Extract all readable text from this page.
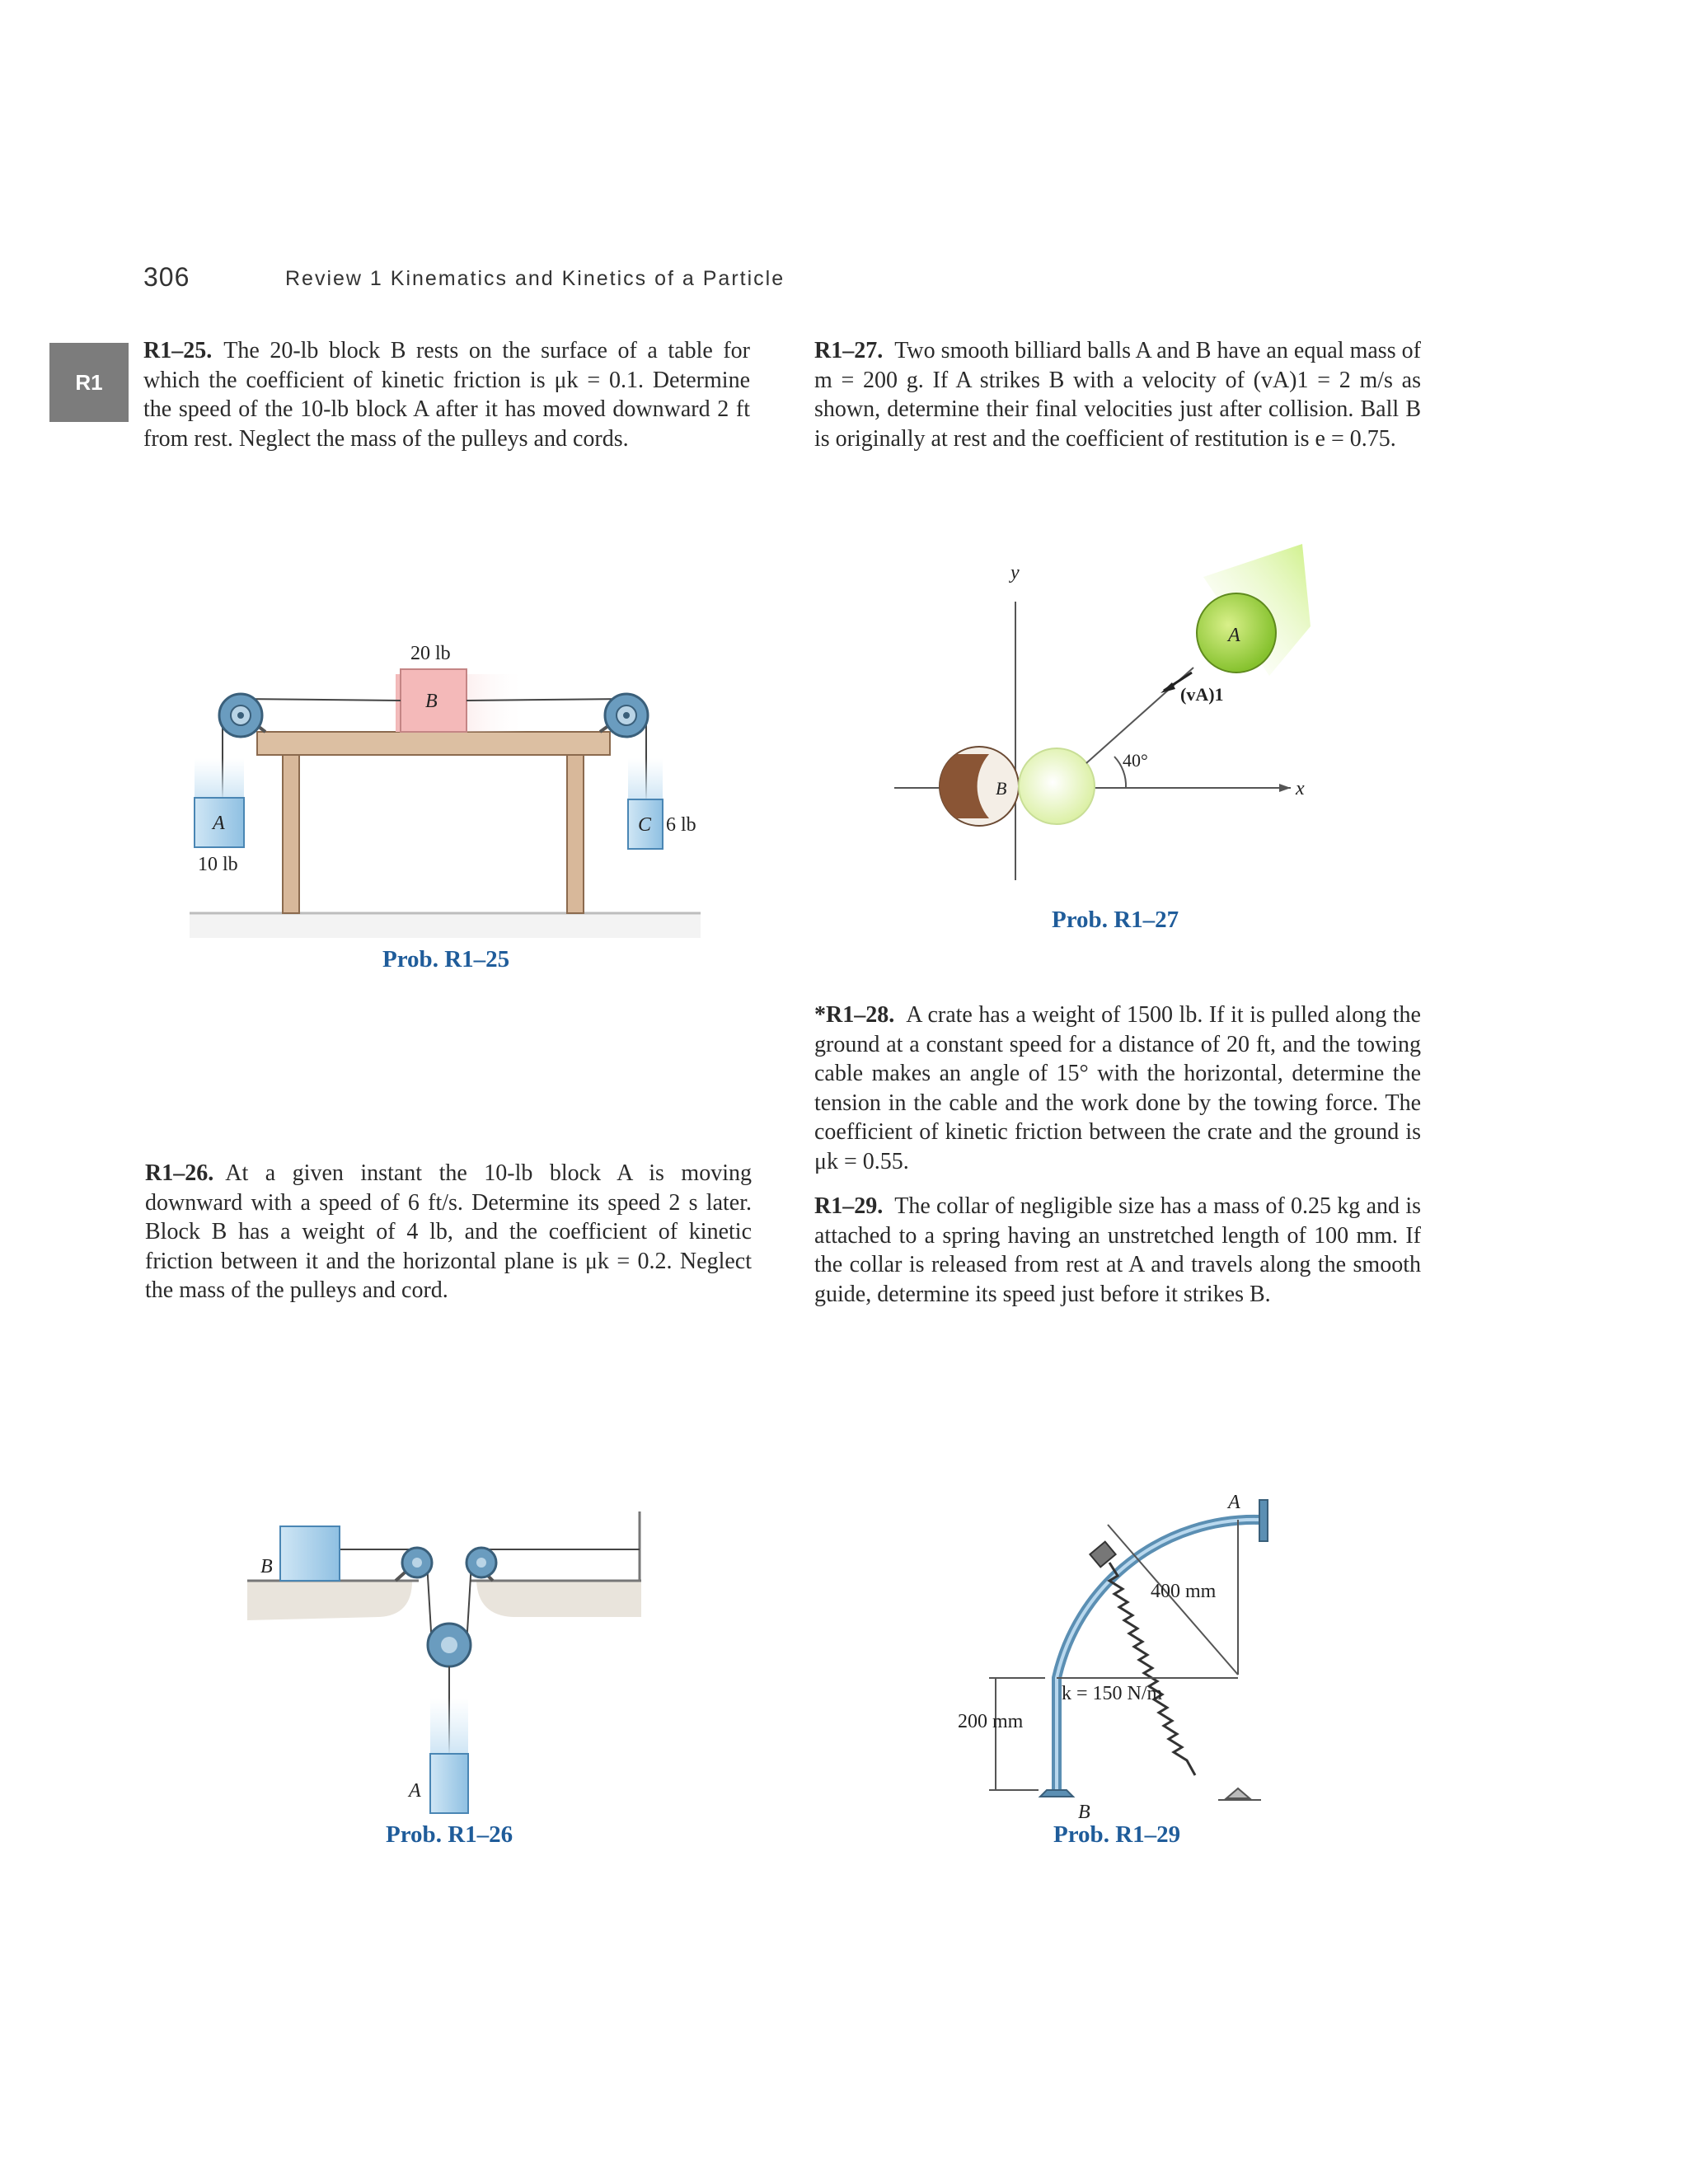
306	Review 1 Kinematics and Kinetics of a Particle
R1
R1–25. The 20-lb block B rests on the surface of a table for which the coefficient of kinetic friction is μk = 0.1. Determine the speed of the 10-lb block A after it has moved downward 2 ft from rest. Neglect the mass of the pulleys and cords.
R1–27. Two smooth billiard balls A and B have an equal mass of m = 200 g. If A strikes B with a velocity of (vA)1 = 2 m/s as shown, determine their final velocities just after collision. Ball B is originally at rest and the coefficient of restitution is e = 0.75.
*R1–28. A crate has a weight of 1500 lb. If it is pulled along the ground at a constant speed for a distance of 20 ft, and the towing cable makes an angle of 15° with the horizontal, determine the tension in the cable and the work done by the towing force. The coefficient of kinetic friction between the crate and the ground is μk = 0.55.
R1–29. The collar of negligible size has a mass of 0.25 kg and is attached to a spring having an unstretched length of 100 mm. If the collar is released from rest at A and travels along the smooth guide, determine its speed just before it strikes B.
R1–26. At a given instant the 10-lb block A is moving downward with a speed of 6 ft/s. Determine its speed 2 s later. Block B has a weight of 4 lb, and the coefficient of kinetic friction between it and the horizontal plane is μk = 0.2. Neglect the mass of the pulleys and cord.
20 lb
B
A
10 lb
C 6 lb
Prob. R1–25
y
x
A
B
(vA)1
40°
Prob. R1–27
B
A
Prob. R1–26
A
B
400 mm
k = 150 N/m
200 mm
Prob. R1–29
